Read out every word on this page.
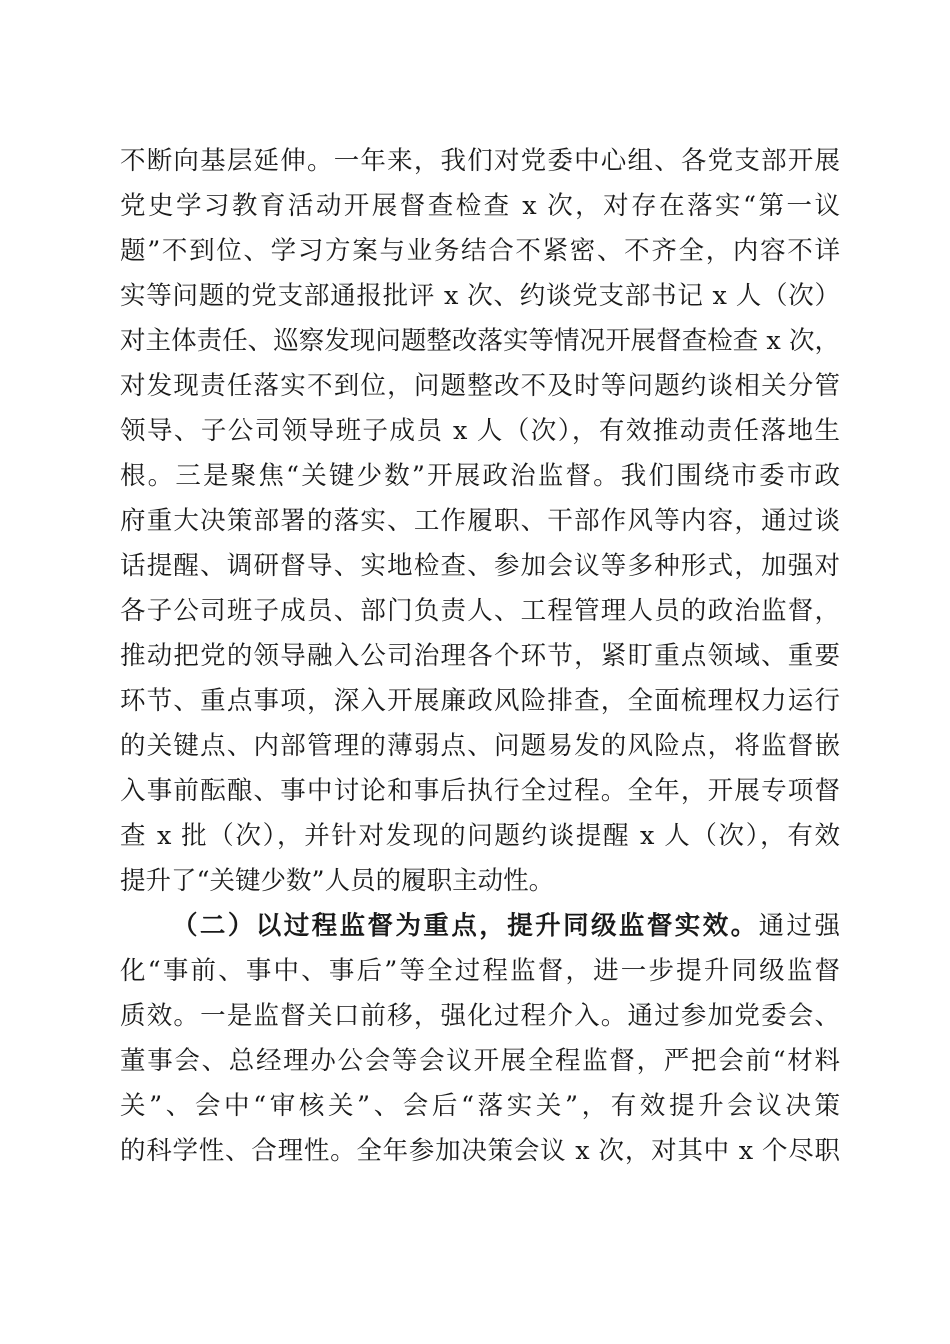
不断向基层延伸。一年来，我们对党委中心组、各党支部开展
党史学习教育活动开展督查检查 x 次，对存在落实“第一议
题”不到位、学习方案与业务结合不紧密、不齐全，内容不详
实等问题的党支部通报批评 x 次、约谈党支部书记 x 人（次）
对主体责任、巡察发现问题整改落实等情况开展督查检查 x 次，
对发现责任落实不到位，问题整改不及时等问题约谈相关分管
领导、子公司领导班子成员 x 人（次），有效推动责任落地生
根。三是聚焦“关键少数”开展政治监督。我们围绕市委市政
府重大决策部署的落实、工作履职、干部作风等内容，通过谈
话提醒、调研督导、实地检查、参加会议等多种形式，加强对
各子公司班子成员、部门负责人、工程管理人员的政治监督，
推动把党的领导融入公司治理各个环节，紧盯重点领域、重要
环节、重点事项，深入开展廉政风险排查，全面梳理权力运行
的关键点、内部管理的薄弱点、问题易发的风险点，将监督嵌
入事前酝酿、事中讨论和事后执行全过程。全年，开展专项督
查 x 批（次），并针对发现的问题约谈提醒 x 人（次），有效
提升了“关键少数”人员的履职主动性。
（二）以过程监督为重点，提升同级监督实效。通过强
化“事前、事中、事后”等全过程监督，进一步提升同级监督
质效。一是监督关口前移，强化过程介入。通过参加党委会、
董事会、总经理办公会等会议开展全程监督，严把会前“材料
关”、会中“审核关”、会后“落实关”，有效提升会议决策
的科学性、合理性。全年参加决策会议 x 次，对其中 x 个尽职
